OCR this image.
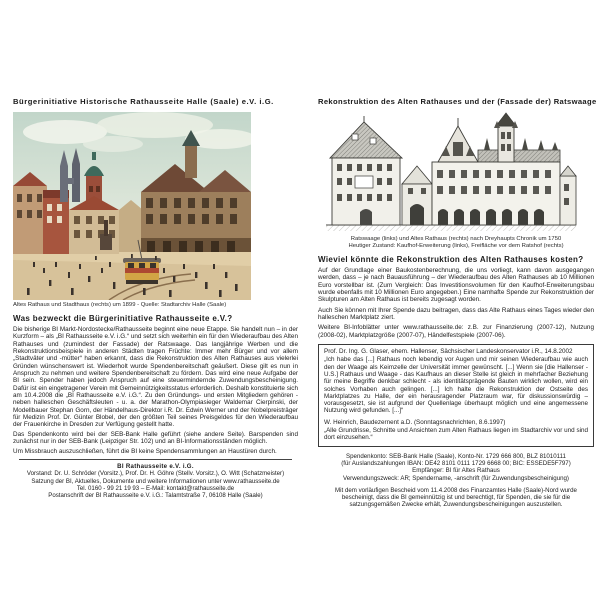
Bürgerinitiative Historische Rathausseite Halle (Saale) e.V. i.G.
Altes Rathaus und Stadthaus (rechts) um 1899 - Quelle: Stadtarchiv Halle (Saale)
Was bezweckt die Bürgerinitiative Rathausseite e.V.?
Die bisherige BI Markt-Nordostecke/Rathausseite beginnt eine neue Etappe. Sie handelt nun – in der Kurzform – als „BI Rathausseite e.V. i.G.“ und setzt sich weiterhin ein für den Wiederaufbau des Alten Rathauses und (zumindest der Fassade) der Ratswaage. Das langjährige Werben und die Rekonstruktionsbeispiele in anderen Städten tragen Früchte: Immer mehr Bürger und vor allem „Stadtväter und -mütter“ haben erkannt, dass die Rekonstruktion des Alten Rathauses aus vielerlei Gründen wünschenswert ist. Wiederholt wurde Spendenbereitschaft geäußert. Diese gilt es nun in Anspruch zu nehmen und weitere Spendenbereitschaft zu fördern. Das wird eine neue Aufgabe der BI sein. Spender haben jedoch Anspruch auf eine steuermindernde Zuwendungsbescheinigung. Dafür ist ein eingetragener Verein mit Gemeinnützigkeitsstatus erforderlich. Deshalb konstituierte sich am 10.4.2008 die „BI Rathausseite e.V. i.G.“. Zu den Gründungs- und ersten Mitgliedern gehören - neben halleschen Geschäftsleuten - u. a. der Marathon-Olympiasieger Waldemar Cierpinski, der Modellbauer Stephan Gorn, der Händelhaus-Direktor i.R. Dr. Edwin Werner und der Nobelpreisträger für Medizin Prof. Dr. Günter Blobel, der den größten Teil seines Preisgeldes für den Wiederaufbau der Frauenkirche in Dresden zur Verfügung gestellt hatte.
Das Spendenkonto wird bei der SEB-Bank Halle geführt (siehe andere Seite). Barspenden sind zunächst nur in der SEB-Bank (Leipziger Str. 102) und an BI-Informationsständen möglich.
Um Missbrauch auszuschließen, führt die BI keine Spendensammlungen an Haustüren durch.
BI Rathausseite e.V. i.G.
Vorstand: Dr. U. Schröder (Vorsitz.), Prof. Dr. H. Göhre (Stellv. Vorsitz.), O. Witt (Schatzmeister)
Satzung der BI, Aktuelles, Dokumente und weitere Informationen unter www.rathausseite.de
Tel. 0160 - 99 21 19 93 – E-Mail: kontakt@rathausseite.de
Postanschrift der BI Rathausseite e.V. i.G.: Talamtstraße 7, 06108 Halle (Saale)
Rekonstruktion des Alten Rathauses und der (Fassade der) Ratswaage
Ratswaage (links) und Altes Rathaus (rechts) nach Dreyhaupts Chronik um 1750
Heutiger Zustand: Kaufhof-Erweiterung (links), Freifläche vor dem Ratshof (rechts)
Wieviel könnte die Rekonstruktion des Alten Rathauses kosten?
Auf der Grundlage einer Baukostenberechnung, die uns vorliegt, kann davon ausgegangen werden, dass – je nach Bauausführung – der Wiederaufbau des Alten Rathauses ab 10 Millionen Euro vorstellbar ist. (Zum Vergleich: Das Investitionsvolumen für den Kaufhof-Erweiterungsbau wurde ebenfalls mit 10 Millionen Euro angegeben.) Eine namhafte Spende zur Rekonstruktion der Skulpturen am Alten Rathaus ist bereits zugesagt worden.
Auch Sie können mit Ihrer Spende dazu beitragen, dass das Alte Rathaus eines Tages wieder den halleschen Marktplatz ziert.
Weitere BI-Infoblätter unter www.rathausseite.de: z.B. zur Finanzierung (2007-12), Nutzung (2008-02), Marktplatzgröße (2007-07), Händelfestspiele (2007-06).
Prof. Dr. Ing. G. Glaser, ehem. Hallenser, Sächsischer Landeskonservator i.R., 14.8.2002
„Ich habe das [...] Rathaus noch lebendig vor Augen und mir seinen Wiederaufbau wie auch den der Waage als Keimzelle der Universität immer gewünscht. [...] Wenn sie [die Hallenser - U.S.] Rathaus und Waage - das Kaufhaus an dieser Stelle ist gleich in mehrfacher Beziehung für meine Begriffe denkbar schlecht - als identitätsprägende Bauten wirklich wollen, wird ein solches Vorhaben auch gelingen. [...] Ich halte die Rekonstruktion der Ostseite des Marktplatzes zu Halle, der ein herausragender Platzraum war, für diskussionswürdig – vorausgesetzt, sie ist aufgrund der Quellenlage überhaupt möglich und eine angemessene Nutzung wird gefunden. [...]“
W. Heinrich, Baudezernent a.D. (Sonntagsnachrichten, 8.6.1997)
„Alle Grundrisse, Schnitte und Ansichten zum Alten Rathaus liegen im Stadtarchiv vor und sind dort einzusehen.“
Spendenkonto: SEB-Bank Halle (Saale), Konto-Nr. 1729 666 800, BLZ 81010111
(für Auslandszahlungen IBAN: DE42 8101 0111 1729 6668 00; BIC: ESSEDE5F797)
Empfänger: BI für Altes Rathaus
Verwendungszweck: AR; Spendername, -anschrift (für Zuwendungsbescheinigung)
Mit dem vorläufigen Bescheid vom 11.4.2008 des Finanzamtes Halle (Saale)-Nord wurde bescheinigt, dass die BI gemeinnützig ist und berechtigt, für Spenden, die sie für die satzungsgemäßen Zwecke erhält, Zuwendungsbescheinigungen auszustellen.
